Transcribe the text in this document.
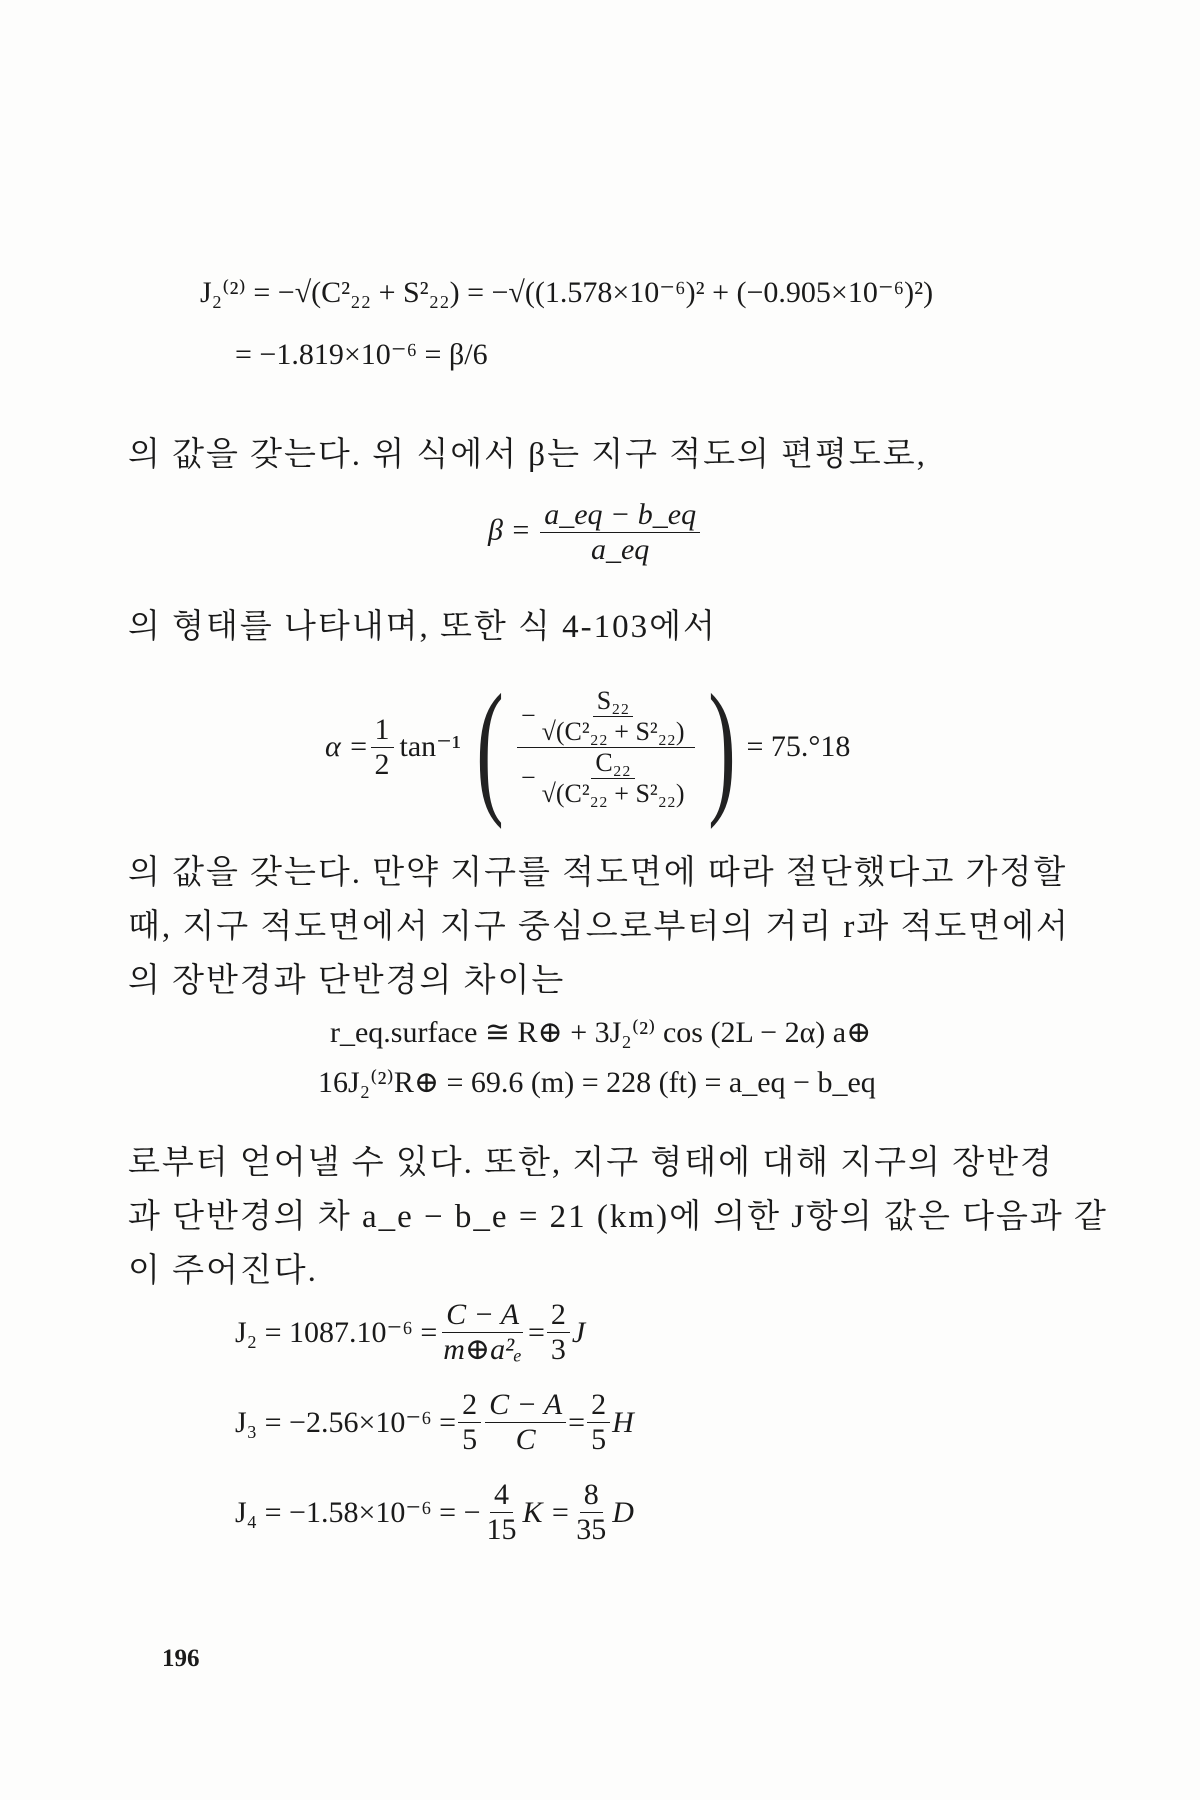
J₂⁽²⁾ = −√(C²₂₂ + S²₂₂) = −√((1.578×10⁻⁶)² + (−0.905×10⁻⁶)²)
= −1.819×10⁻⁶ = β/6
의 값을 갖는다. 위 식에서 β는 지구 적도의 편평도로,
$\beta = \frac{a\_eq - b\_eq}{a\_eq}$
의 형태를 나타내며, 또한 식 4-103에서
$\alpha = \frac{1}{2} \tan^{-1}$ ( $\frac{- \frac{\text{S₂₂}}{\text{√(C²₂₂ + S²₂₂)}}}{- \frac{\text{C₂₂}}{\text{√(C²₂₂ + S²₂₂)}}}$ ) = 75.°18
의 값을 갖는다. 만약 지구를 적도면에 따라 절단했다고 가정할
때, 지구 적도면에서 지구 중심으로부터의 거리 r과 적도면에서
의 장반경과 단반경의 차이는
r_eq.surface ≅ R⊕ + 3J₂⁽²⁾ cos (2L − 2α) a⊕
16J₂⁽²⁾R⊕ = 69.6 (m) = 228 (ft) = a_eq − b_eq
로부터 얻어낼 수 있다. 또한, 지구 형태에 대해 지구의 장반경
과 단반경의 차 a_e − b_e = 21 (km)에 의한 J항의 값은 다음과 같
이 주어진다.
$J_2 = 1087.10^{-6} = \frac{C - A}{\text{m⊕a²ₑ}} = \frac{2}{3}$ J
$J_3 = -2.56\times 10^{-6} = \frac{2}{5} \frac{C - A}{C} = \frac{2}{5}$ H
J₄ = −1.58×10⁻⁶ = − $\frac{4}{15}$ $K = \frac{8}{35}$ D
196
